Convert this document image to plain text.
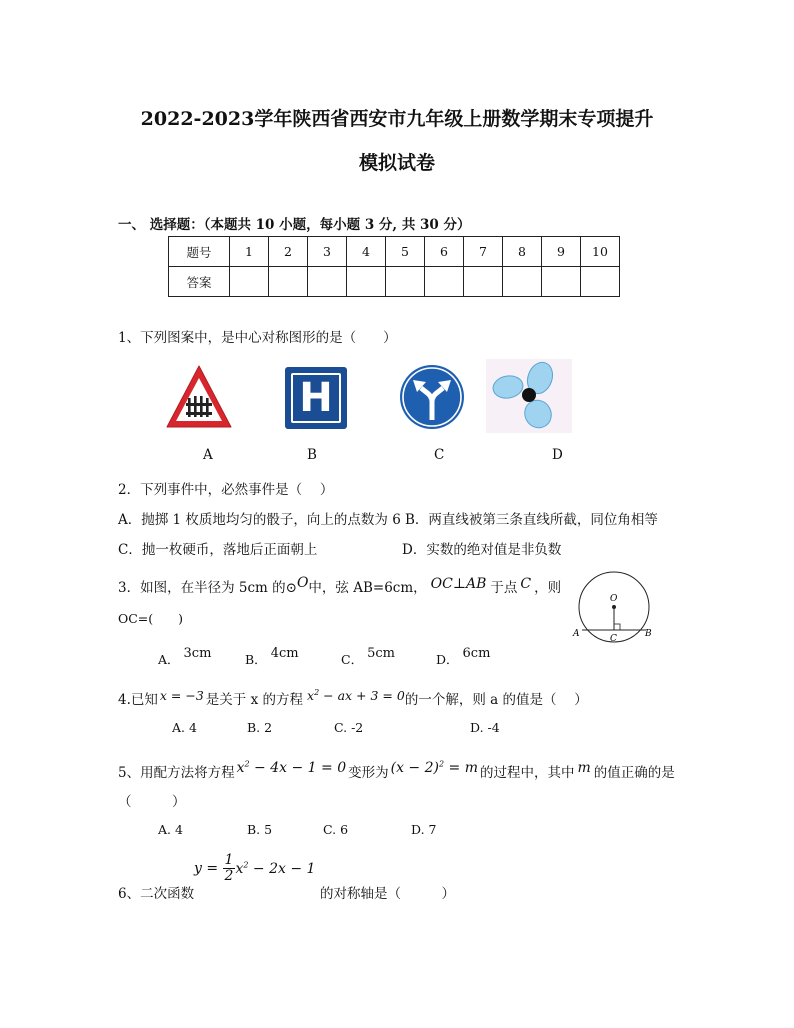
2022-2023学年陕西省西安市九年级上册数学期末专项提升
模拟试卷
一、 选择题：（本题共 10 小题，每小题 3 分, 共 30 分）
题号	1	2	3	4	5	6	7	8	9	10
答案										
1、下列图案中，是中心对称图形的是（　　）
H
A	B	C	D
2．下列事件中，必然事件是（　 ）
A．抛掷 1 枚质地均匀的骰子，向上的点数为 6 B．两直线被第三条直线所截，同位角相等
C．抛一枚硬币，落地后正面朝上	D．实数的绝对值是非负数
3．如图，在半径为 5cm 的⊙O中，弦 AB=6cm， OC⊥AB 于点 C ，则
OC=(　　)
O
A	B
C
A． 3cm	B． 4cm	C． 5cm	D． 6cm
4.已知 x = −3 是关于 x 的方程 $x^2$ − ax + 3 = 0的一个解，则 a 的值是（　 ）
A. 4	B. 2	C. -2	D. -4
5、用配方法将方程 $x^2 - 4x - 1 = 0$ 变形为 $(x - 2)^2 = m$ 的过程中，其中 m 的值正确的是
（　　　）
A. 4	B. 5	C. 6	D. 7
6、二次函数
$y = \frac{1}{2} x^2 - 2x - 1$
的对称轴是（　　　）
